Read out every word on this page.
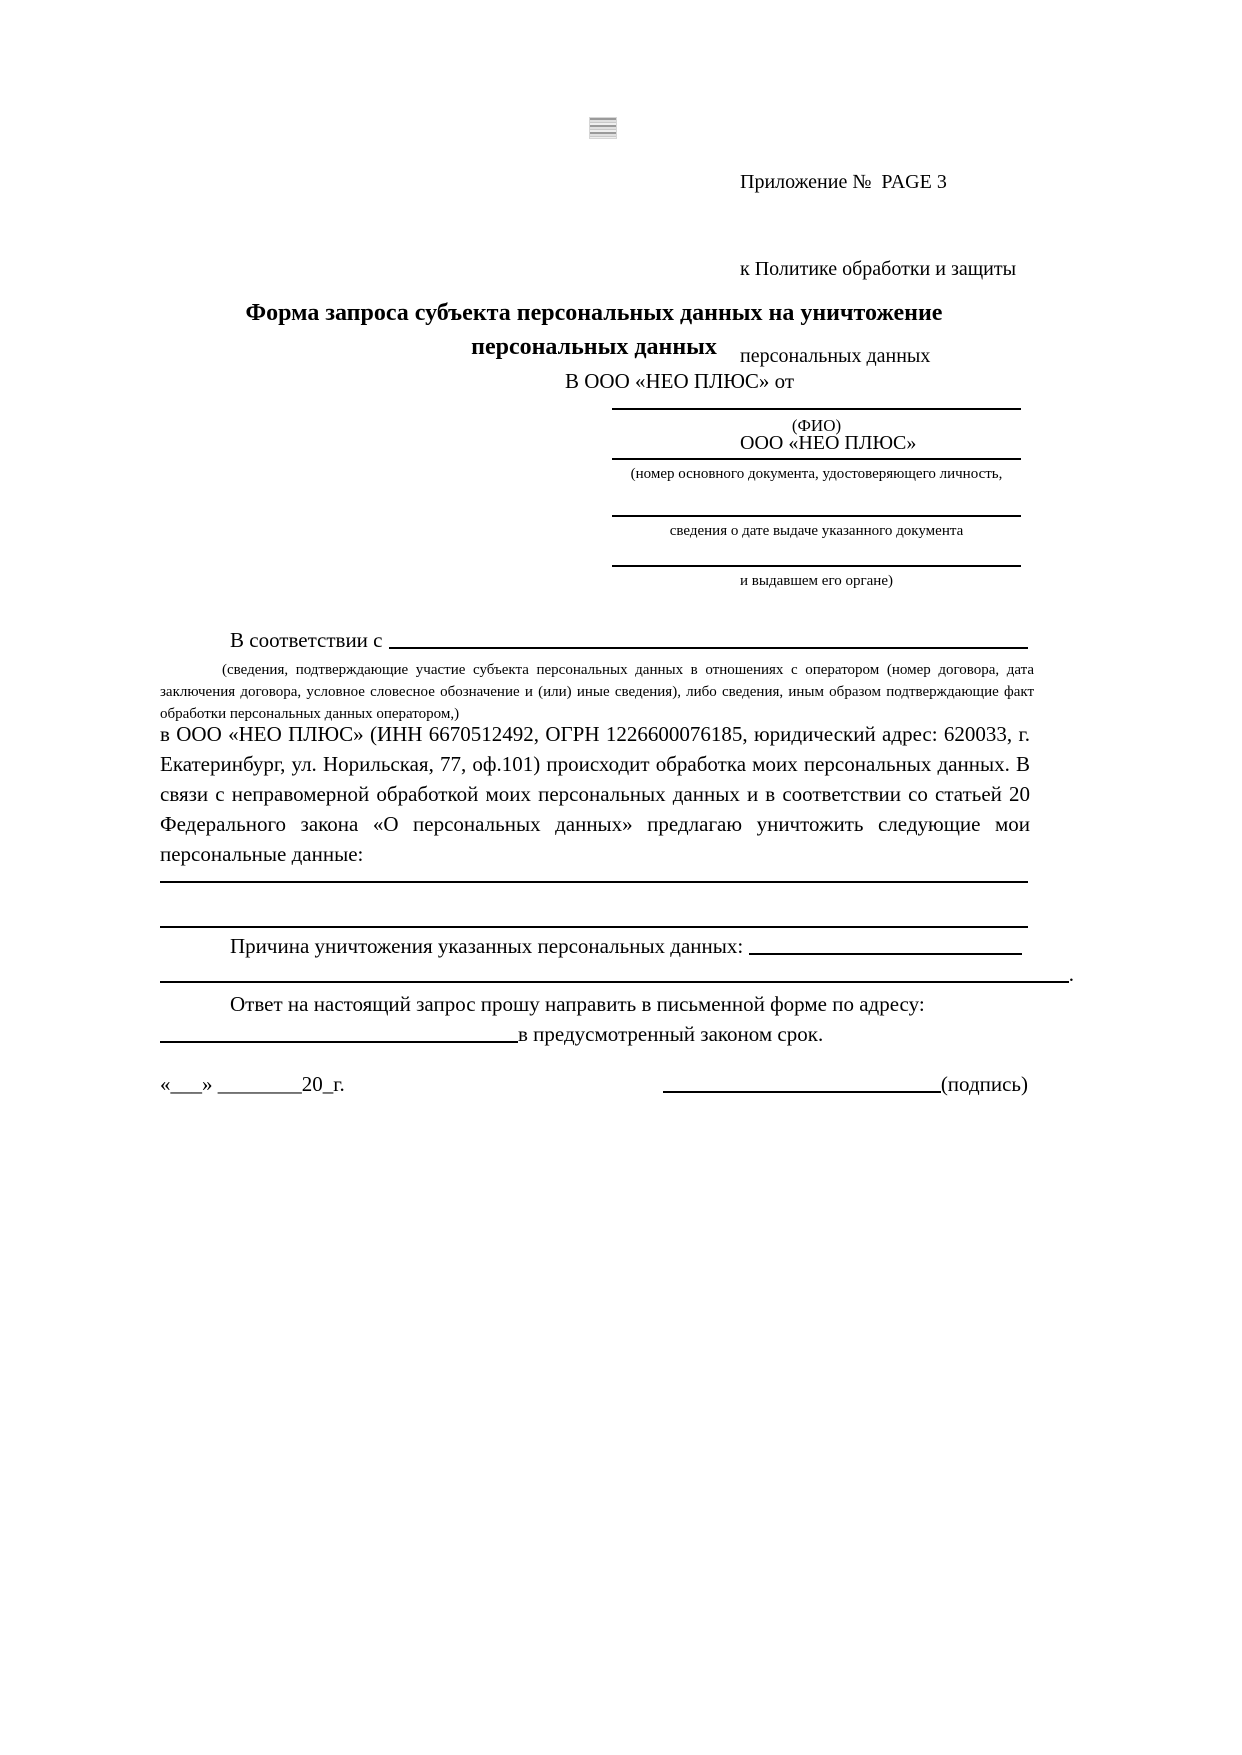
Приложение №  PAGE 3

к Политике обработки и защиты

персональных данных

ООО «НЕО ПЛЮС»

Форма запроса субъекта персональных данных на уничтожение
персональных данных
В ООО «НЕО ПЛЮС» от
(ФИО)
(номер основного документа, удостоверяющего личность,
сведения о дате выдаче указанного документа
и выдавшем его органе)
В соответствии с
(сведения, подтверждающие участие субъекта персональных данных в отношениях с оператором (номер договора, дата заключения договора, условное словесное обозначение и (или) иные сведения), либо сведения, иным образом подтверждающие факт обработки персональных данных оператором,)
в ООО «НЕО ПЛЮС» (ИНН 6670512492, ОГРН 1226600076185, юридический адрес: 620033, г. Екатеринбург, ул. Норильская, 77, оф.101) происходит обработка моих персональных данных. В связи с неправомерной обработкой моих персональных данных и в соответствии со статьей 20 Федерального закона «О персональных данных» предлагаю уничтожить следующие мои персональные данные:
Причина уничтожения указанных персональных данных:
.
Ответ на настоящий запрос прошу направить в письменной форме по адресу:
в предусмотренный законом срок.
«___» ________20_г.	(подпись)
